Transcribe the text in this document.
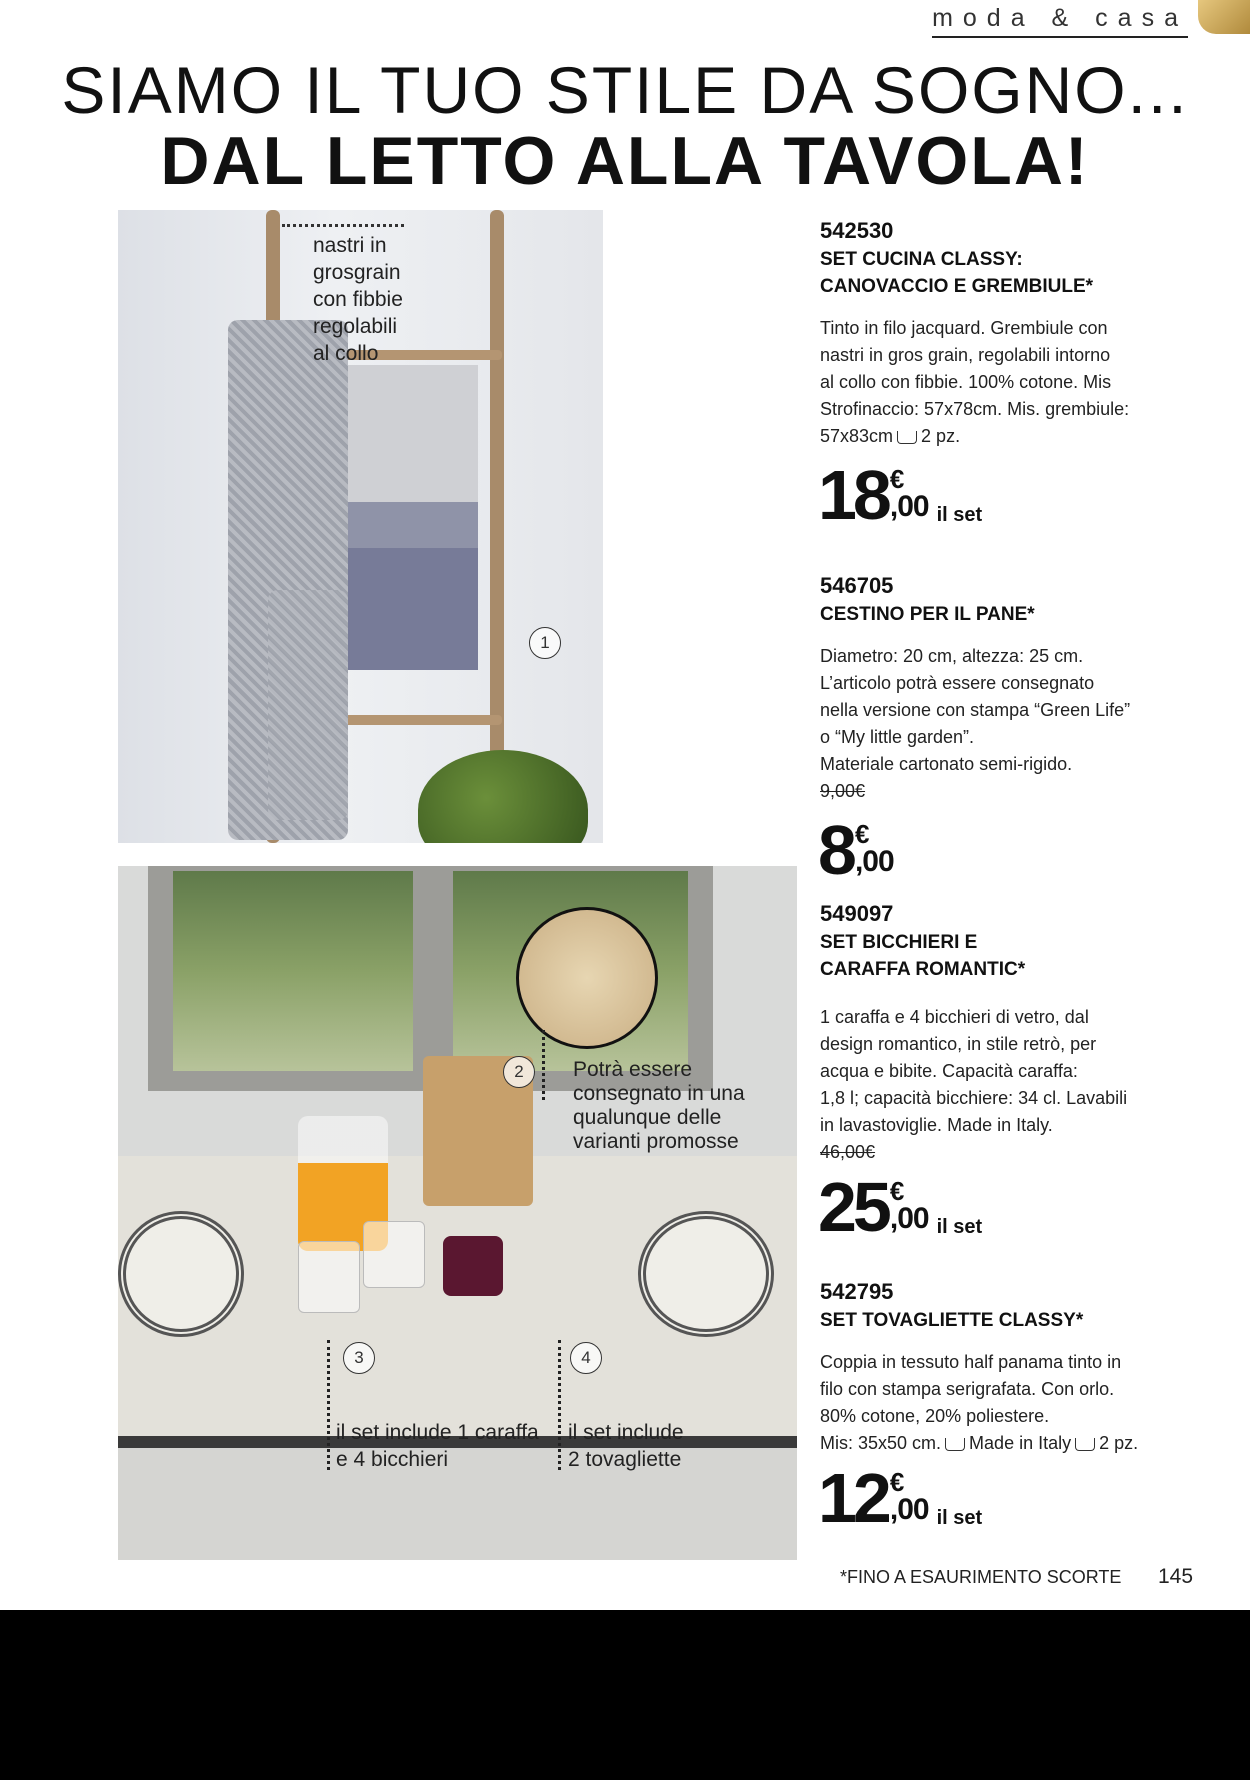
moda & casa
SIAMO IL TUO STILE DA SOGNO...
DAL LETTO ALLA TAVOLA!
nastri in
grosgrain
con fibbie
regolabili
al collo
1
2	Potrà essere
consegnato in una
qualunque delle
varianti promosse
3	4
il set include 1 caraffa
e 4 bicchieri
il set include
2 tovagliette
542530
SET CUCINA CLASSY:
CANOVACCIO E GREMBIULE*
Tinto in filo jacquard. Grembiule con
nastri in gros grain, regolabili intorno
al collo con fibbie. 100% cotone. Mis
Strofinaccio: 57x78cm. Mis. grembiule:
57x83cm 2 pz.
18 €
,00 il set
546705
CESTINO PER IL PANE*
Diametro: 20 cm, altezza: 25 cm.
L’articolo potrà essere consegnato
nella versione con stampa “Green Life”
o “My little garden”.
Materiale cartonato semi-rigido.
9,00€
8 €
,00
549097
SET BICCHIERI E
CARAFFA ROMANTIC*
1 caraffa e 4 bicchieri di vetro, dal
design romantico, in stile retrò, per
acqua e bibite. Capacità caraffa:
1,8 l; capacità bicchiere: 34 cl. Lavabili
in lavastoviglie. Made in Italy.
46,00€
25 €
,00 il set
542795
SET TOVAGLIETTE CLASSY*
Coppia in tessuto half panama tinto in
filo con stampa serigrafata. Con orlo.
80% cotone, 20% poliestere.
Mis: 35x50 cm. Made in Italy 2 pz.
12 €
,00 il set
*FINO A ESAURIMENTO SCORTE 145
